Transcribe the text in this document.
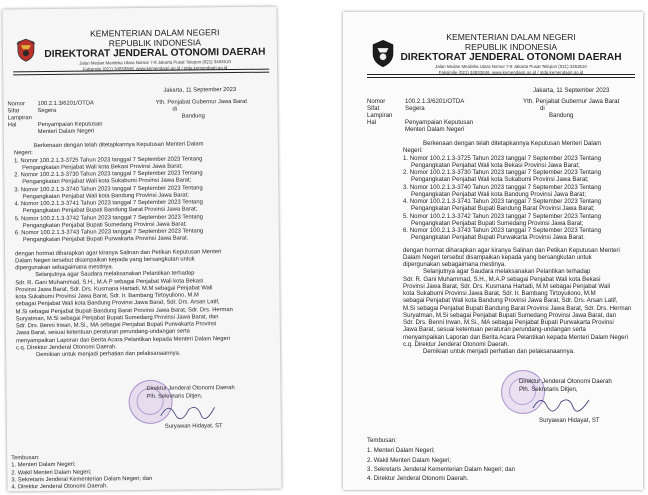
KEMENTERIAN DALAM NEGERI
REPUBLIK INDONESIA
DIREKTORAT JENDERAL OTONOMI DAERAH
Jalan Medan Merdeka Utara Nomor 7-8 Jakarta Pusat Telepon (021) 3453510
Faksimile (021) 34833646, www.kemendagri.go.id / otda.kemendagri.go.id
Jakarta, 11 September 2023
Nomor 100.2.1.3/6201/OTDA
Sifat	Segera
Lampiran
Hal	Penyampaian Keputusan
Menteri Dalam Negeri
Yth. Penjabat Gubernur Jawa Barat
di
Bandung
Berkenaan dengan telah ditetapkannya Keputusan Menteri Dalam
Negeri:
1. Nomor 100.2.1.3-3725 Tahun 2023 tanggal 7 September 2023 Tentang
Pengangkatan Penjabat Wali kota Bekasi Provinsi Jawa Barat;
2. Nomor 100.2.1.3-3730 Tahun 2023 tanggal 7 September 2023 Tentang
Pengangkatan Penjabat Wali kota Sukabumi Provinsi Jawa Barat;
3. Nomor 100.2.1.3-3740 Tahun 2023 tanggal 7 September 2023 Tentang
Pengangkatan Penjabat Wali kota Bandung Provinsi Jawa Barat;
4. Nomor 100.2.1.3-3741 Tahun 2023 tanggal 7 September 2023 Tentang
Pengangkatan Penjabat Bupati Bandung Barat Provinsi Jawa Barat;
5. Nomor 100.2.1.3-3742 Tahun 2023 tanggal 7 September 2023 Tentang
Pengangkatan Penjabat Bupati Sumedang Provinsi Jawa Barat;
6. Nomor 100.2.1.3-3743 Tahun 2023 tanggal 7 September 2023 Tentang
Pengangkatan Penjabat Bupati Purwakarta Provinsi Jawa Barat.
dengan hormat diharapkan agar kiranya Salinan dan Petikan Keputusan Menteri
Dalam Negeri tersebut disampaikan kepada yang bersangkutan untuk
dipergunakan sebagaimana mestinya.
Selanjutnya agar Saudara melaksanakan Pelantikan terhadap
Sdr. R. Gani Muhammad, S.H., M.A.P sebagai Penjabat Wali kota Bekasi
Provinsi Jawa Barat, Sdr. Drs. Kusmana Hartadi, M.M sebagai Penjabat Wali
kota Sukabumi Provinsi Jawa Barat, Sdr. Ir. Bambang Tirtoyuliono, M.M
sebagai Penjabat Wali kota Bandung Provinsi Jawa Barat, Sdr. Drs. Arsan Latif,
M.Si sebagai Penjabat Bupati Bandung Barat Provinsi Jawa Barat, Sdr. Drs. Herman
Suryatman, M.Si sebagai Penjabat Bupati Sumedang Provinsi Jawa Barat, dan
Sdr. Drs. Benni Irwan, M.Si., MA sebagai Penjabat Bupati Purwakarta Provinsi
Jawa Barat, sesuai ketentuan peraturan perundang-undangan serta
menyampaikan Laporan dan Berita Acara Pelantikan kepada Menteri Dalam Negeri
c.q. Direktur Jenderal Otonomi Daerah.
Demikian untuk menjadi perhatian dan pelaksanaannya.
Direktur Jenderal Otonomi Daerah
Plh. Sekretaris Ditjen,
Suryawan Hidayat, ST
Tembusan:
1. Menteri Dalam Negeri;
2. Wakil Menteri Dalam Negeri;
3. Sekretaris Jenderal Kementerian Dalam Negeri; dan
4. Direktur Jenderal Otonomi Daerah.
KEMENTERIAN DALAM NEGERI
REPUBLIK INDONESIA
DIREKTORAT JENDERAL OTONOMI DAERAH
Jalan Medan Merdeka Utara Nomor 7-8 Jakarta Pusat Telepon (021) 3453510
Faksimile (021) 34833646, www.kemendagri.go.id / otda.kemendagri.go.id
Jakarta, 11 September 2023
Nomor	100.2.1.3/6201/OTDA
Sifat	Segera
Lampiran
Hal	Penyampaian Keputusan
Menteri Dalam Negeri
Yth. Penjabat Gubernur Jawa Barat
di
Bandung
Berkenaan dengan telah ditetapkannya Keputusan Menteri Dalam
Negeri:
1. Nomor 100.2.1.3-3725 Tahun 2023 tanggal 7 September 2023 Tentang
Pengangkatan Penjabat Wali kota Bekasi Provinsi Jawa Barat;
2. Nomor 100.2.1.3-3730 Tahun 2023 tanggal 7 September 2023 Tentang
Pengangkatan Penjabat Wali kota Sukabumi Provinsi Jawa Barat;
3. Nomor 100.2.1.3-3740 Tahun 2023 tanggal 7 September 2023 Tentang
Pengangkatan Penjabat Wali kota Bandung Provinsi Jawa Barat;
4. Nomor 100.2.1.3-3741 Tahun 2023 tanggal 7 September 2023 Tentang
Pengangkatan Penjabat Bupati Bandung Barat Provinsi Jawa Barat;
5. Nomor 100.2.1.3-3742 Tahun 2023 tanggal 7 September 2023 Tentang
Pengangkatan Penjabat Bupati Sumedang Provinsi Jawa Barat;
6. Nomor 100.2.1.3-3743 Tahun 2023 tanggal 7 September 2023 Tentang
Pengangkatan Penjabat Bupati Purwakarta Provinsi Jawa Barat.
dengan hormat diharapkan agar kiranya Salinan dan Petikan Keputusan Menteri
Dalam Negeri tersebut disampaikan kepada yang bersangkutan untuk
dipergunakan sebagaimana mestinya.
Selanjutnya agar Saudara melaksanakan Pelantikan terhadap
Sdr. R. Gani Muhammad, S.H., M.A.P sebagai Penjabat Wali kota Bekasi
Provinsi Jawa Barat, Sdr. Drs. Kusmana Hartadi, M.M sebagai Penjabat Wali
kota Sukabumi Provinsi Jawa Barat, Sdr. Ir. Bambang Tirtoyuliono, M.M
sebagai Penjabat Wali kota Bandung Provinsi Jawa Barat, Sdr. Drs. Arsan Latif,
M.Si sebagai Penjabat Bupati Bandung Barat Provinsi Jawa Barat, Sdr. Drs. Herman
Suryatman, M.Si sebagai Penjabat Bupati Sumedang Provinsi Jawa Barat, dan
Sdr. Drs. Benni Irwan, M.Si., MA sebagai Penjabat Bupati Purwakarta Provinsi
Jawa Barat, sesuai ketentuan peraturan perundang-undangan serta
menyampaikan Laporan dan Berita Acara Pelantikan kepada Menteri Dalam Negeri
c.q. Direktur Jenderal Otonomi Daerah.
Demikian untuk menjadi perhatian dan pelaksanaannya.
Direktur Jenderal Otonomi Daerah
Plh. Sekretaris Ditjen,
Suryawan Hidayat, ST
Tembusan:
1. Menteri Dalam Negeri;
2. Wakil Menteri Dalam Negeri;
3. Sekretaris Jenderal Kementerian Dalam Negeri; dan
4. Direktur Jenderal Otonomi Daerah.
